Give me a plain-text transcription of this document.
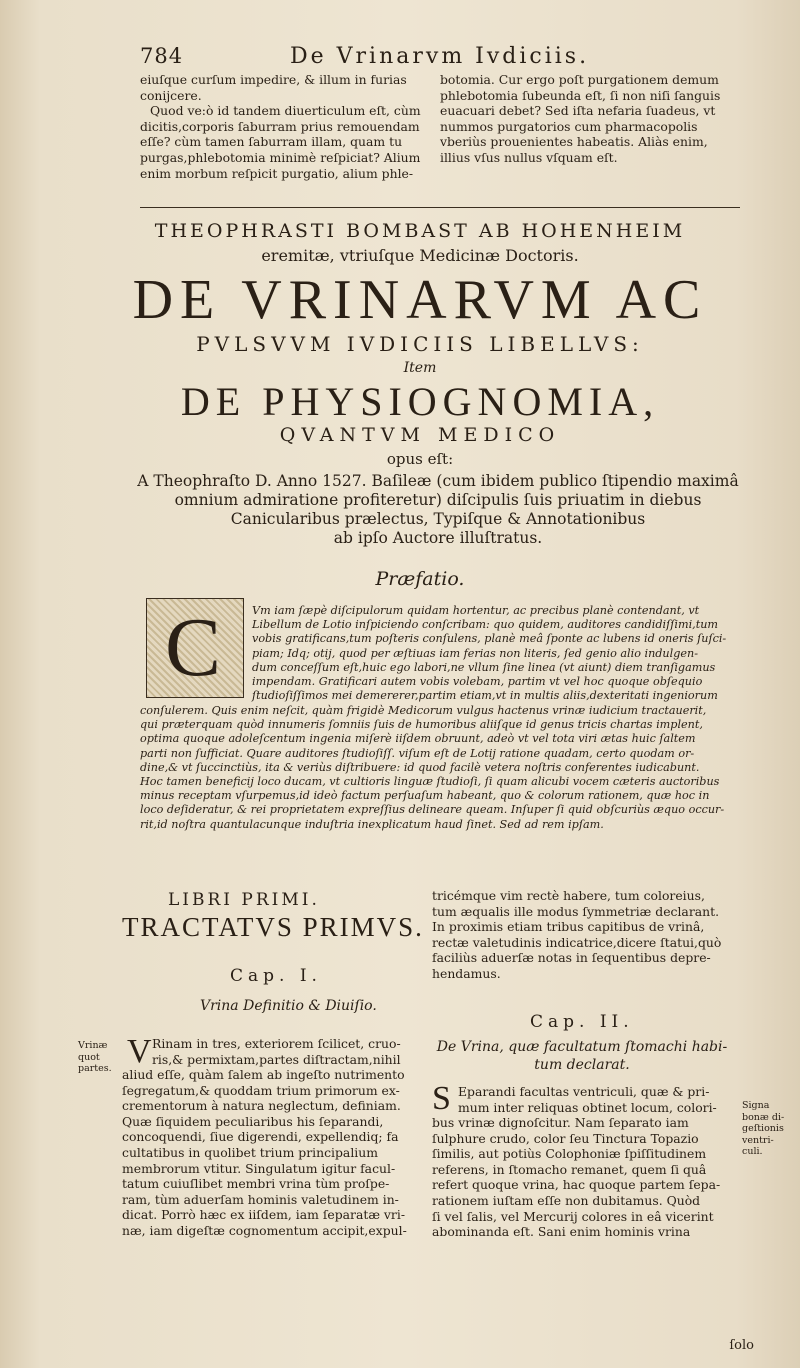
784	De Vrinarvm Ivdiciis.

eiuſque curſum impedire, & illum in furias

conijcere.

Quod ve:ò id tandem diuerticulum eſt, cùm

dicitis,corporis ſaburram prius remouendam

eſſe? cùm tamen ſaburram illam, quam tu

purgas,phlebotomia minimè reſpiciat? Alium

enim morbum reſpicit purgatio, alium phle-

botomia. Cur ergo poſt purgationem demum

phlebotomia ſubeunda eſt, ſi non niſi ſanguis

euacuari debet? Sed iſta nefaria ſuadeus, vt

nummos purgatorios cum pharmacopolis

vberiùs prouenientes habeatis. Aliàs enim,

illius vſus nullus vſquam eſt.

THEOPHRASTI BOMBAST AB HOHENHEIM
eremitæ, vtriuſque Medicinæ Doctoris.
DE VRINARVM AC
PVLSVVM IVDICIIS LIBELLVS:
Item
DE PHYSIOGNOMIA,
QVANTVM MEDICO
opus eſt:
A Theophraſto D. Anno 1527. Baſileæ (cum ibidem publico ſtipendio maximâ
omnium admiratione profiteretur) diſcipulis ſuis priuatim in diebus
Canicularibus prælectus, Typiſque & Annotationibus
ab ipſo Auctore illuſtratus.
Præfatio.
C	Vm iam ſæpè diſcipulorum quidam hortentur, ac precibus planè contendant, vt

Libellum de Lotio inſpiciendo conſcribam: quo quidem, auditores candidiſſimi,tum

vobis gratificans,tum poſteris conſulens, planè meâ ſponte ac lubens id oneris ſuſci-

piam; Idq; otij, quod per æſtiuas iam ferias non literis, ſed genio alio indulgen-

dum conceſſum eſt,huic ego labori,ne vllum ſine linea (vt aiunt) diem tranſigamus

impendam. Gratificari autem vobis volebam, partim vt vel hoc quoque obſequio

ſtudioſiſſimos mei demererer,partim etiam,vt in multis aliis,dexteritati ingeniorum

conſulerem. Quis enim neſcit, quàm frigidè Medicorum vulgus hactenus vrinæ iudicium tractauerit,

qui præterquam quòd innumeris ſomniis ſuis de humoribus aliiſque id genus tricis chartas implent,

optima quoque adoleſcentum ingenia miſerè iiſdem obruunt, adeò vt vel tota viri ætas huic ſaltem

parti non ſufficiat. Quare auditores ſtudioſiſſ. viſum eſt de Lotij ratione quadam, certo quodam or-

dine,& vt ſuccinctiùs, ita & veriùs diſtribuere: id quod facilè vetera noſtris conferentes iudicabunt.

Hoc tamen beneficij loco ducam, vt cultioris linguæ ſtudioſi, ſi quam alicubi vocem cæteris auctoribus

minus receptam vſurpemus,id ideò factum perſuaſum habeant, quo & colorum rationem, quæ hoc in

loco deſideratur, & rei proprietatem expreſſius delineare queam. Inſuper ſi quid obſcuriùs æquo occur-

rit,id noſtra quantulacunque induſtria inexplicatum haud ſinet. Sed ad rem ipſam.

LIBRI PRIMI.
TRACTATVS PRIMVS.
Cap. I.
Vrina Definitio & Diuiſio.
Vrinæ
quot
partes. V Rinam in tres, exteriorem ſcilicet, cruo-

ris,& permixtam,partes diſtractam,nihil

aliud eſſe, quàm ſalem ab ingeſto nutrimento

ſegregatum,& quoddam trium primorum ex-

crementorum à natura neglectum, definiam.

Quæ ſiquidem peculiaribus his ſeparandi,

concoquendi, ſiue digerendi, expellendiq; fa

cultatibus in quolibet trium principalium

membrorum vtitur. Singulatum igitur facul-

tatum cuiuſlibet membri vrina tùm proſpe-

ram, tùm aduerſam hominis valetudinem in-

dicat. Porrò hæc ex iiſdem, iam ſeparatæ vri-

næ, iam digeſtæ cognomentum accipit,expul-

tricémque vim rectè habere, tum coloreius,

tum æqualis ille modus ſymmetriæ declarant.

In proximis etiam tribus capitibus de vrinâ,

rectæ valetudinis indicatrice,dicere ſtatui,quò

faciliùs aduerſæ notas in ſequentibus depre-

hendamus.

Cap. II.
De Vrina, quæ facultatum ſtomachi habi-tum declarat.
S Eparandi facultas ventriculi, quæ & pri-

mum inter reliquas obtinet locum, colori-

bus vrinæ dignoſcitur. Nam ſeparato iam

ſulphure crudo, color ſeu Tinctura Topazio

ſimilis, aut potiùs Colophoniæ ſpiſſitudinem

referens, in ſtomacho remanet, quem ſi quâ

refert quoque vrina, hac quoque partem ſepa-

rationem iuſtam eſſe non dubitamus. Quòd

ſi vel ſalis, vel Mercurij colores in eâ vicerint

abominanda eſt. Sani enim hominis vrina

Signa
bonæ di-
geſtionis
ventri-
culi.
ſolo
